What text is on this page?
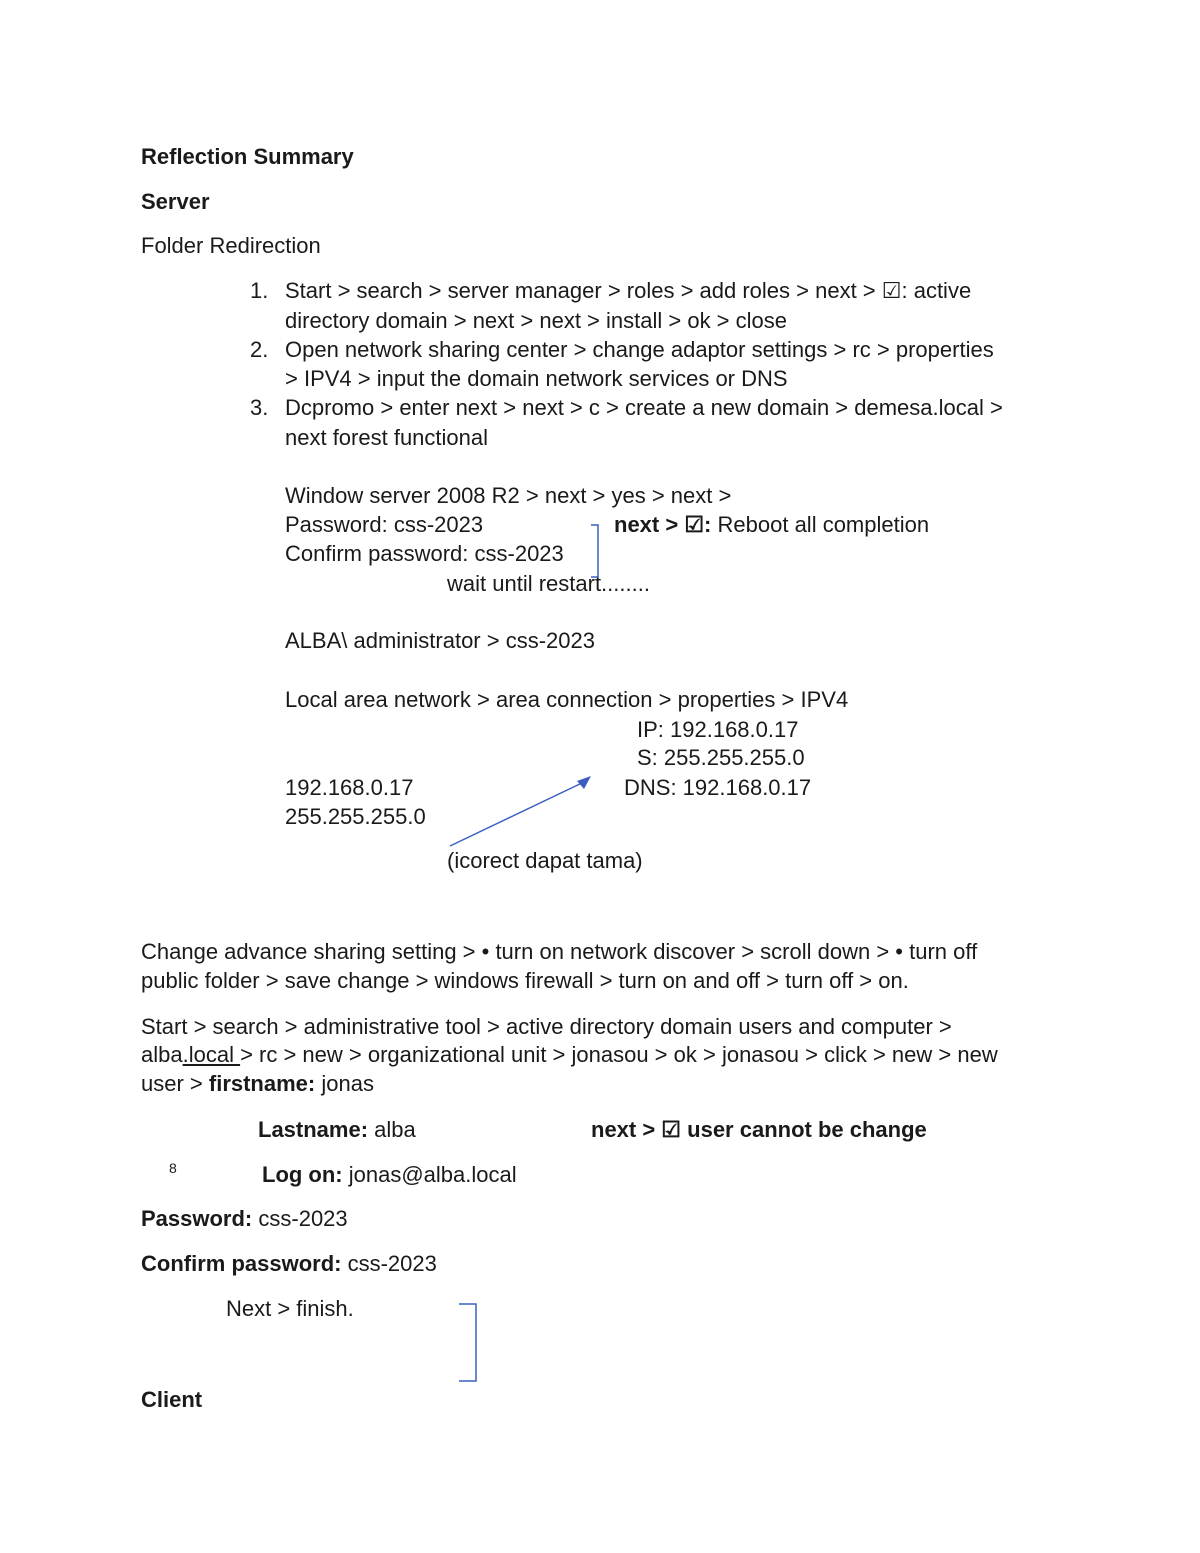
Reflection Summary
Server
Folder Redirection
1. Start > search > server manager > roles > add roles > next > ☑: active
directory domain > next > next > install > ok > close
2. Open network sharing center > change adaptor settings > rc > properties
> IPV4 > input the domain network services or DNS
3. Dcpromo > enter next > next > c > create a new domain > demesa.local >
next forest functional
Window server 2008 R2 > next > yes > next >
Password: css-2023	next > ☑: Reboot all completion
Confirm password: css-2023
wait until restart........
ALBA\ administrator > css-2023
Local area network > area connection > properties > IPV4
IP: 192.168.0.17
S: 255.255.255.0
192.168.0.17	DNS: 192.168.0.17
255.255.255.0
(icorect dapat tama)
Change advance sharing setting > • turn on network discover > scroll down > • turn off
public folder > save change > windows firewall > turn on and off > turn off > on.
Start > search > administrative tool > active directory domain users and computer >
alba.local > rc > new > organizational unit > jonasou > ok > jonasou > click > new > new
user > firstname: jonas
Lastname: alba	next > ☑ user cannot be change
8	Log on: jonas@alba.local
Password: css-2023
Confirm password: css-2023
Next > finish.
Client
